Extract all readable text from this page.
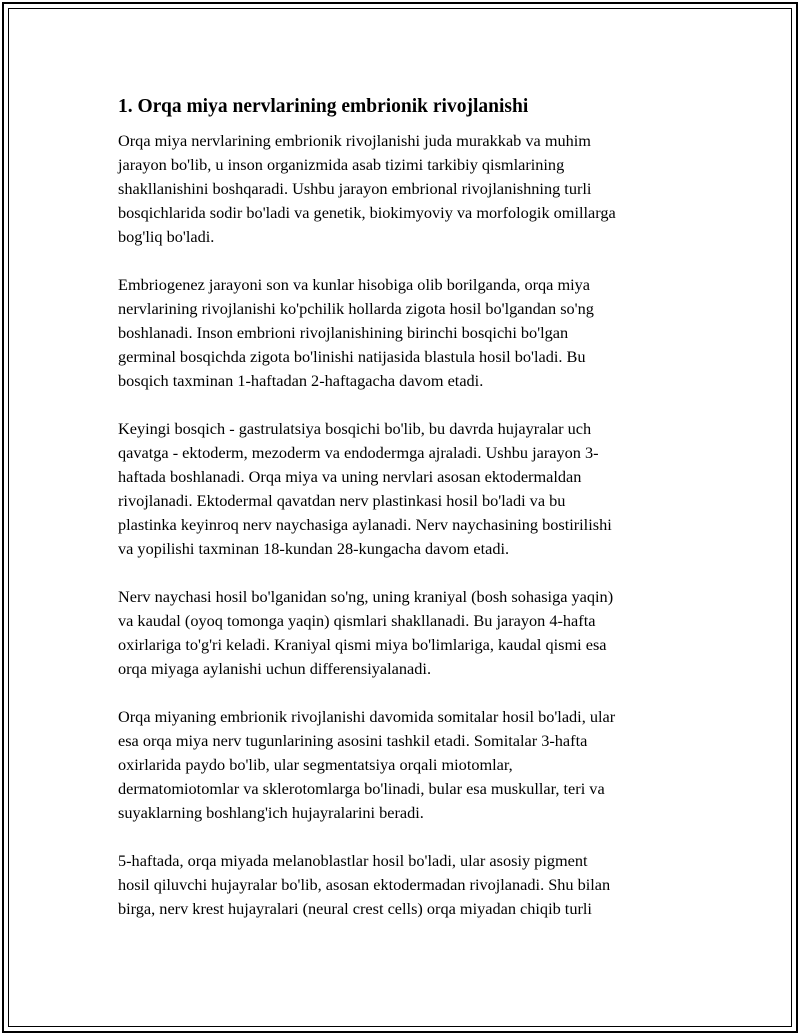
1. Orqa miya nervlarining embrionik rivojlanishi
Orqa miya nervlarining embrionik rivojlanishi juda murakkab va muhim
jarayon bo'lib, u inson organizmida asab tizimi tarkibiy qismlarining
shakllanishini boshqaradi. Ushbu jarayon embrional rivojlanishning turli
bosqichlarida sodir bo'ladi va genetik, biokimyoviy va morfologik omillarga
bog'liq bo'ladi.
Embriogenez jarayoni son va kunlar hisobiga olib borilganda, orqa miya
nervlarining rivojlanishi ko'pchilik hollarda zigota hosil bo'lgandan so'ng
boshlanadi. Inson embrioni rivojlanishining birinchi bosqichi bo'lgan
germinal bosqichda zigota bo'linishi natijasida blastula hosil bo'ladi. Bu
bosqich taxminan 1-haftadan 2-haftagacha davom etadi.
Keyingi bosqich - gastrulatsiya bosqichi bo'lib, bu davrda hujayralar uch
qavatga - ektoderm, mezoderm va endodermga ajraladi. Ushbu jarayon 3-
haftada boshlanadi. Orqa miya va uning nervlari asosan ektodermaldan
rivojlanadi. Ektodermal qavatdan nerv plastinkasi hosil bo'ladi va bu
plastinka keyinroq nerv naychasiga aylanadi. Nerv naychasining bostirilishi
va yopilishi taxminan 18-kundan 28-kungacha davom etadi.
Nerv naychasi hosil bo'lganidan so'ng, uning kraniyal (bosh sohasiga yaqin)
va kaudal (oyoq tomonga yaqin) qismlari shakllanadi. Bu jarayon 4-hafta
oxirlariga to'g'ri keladi. Kraniyal qismi miya bo'limlariga, kaudal qismi esa
orqa miyaga aylanishi uchun differensiyalanadi.
Orqa miyaning embrionik rivojlanishi davomida somitalar hosil bo'ladi, ular
esa orqa miya nerv tugunlarining asosini tashkil etadi. Somitalar 3-hafta
oxirlarida paydo bo'lib, ular segmentatsiya orqali miotomlar,
dermatomiotomlar va sklerotomlarga bo'linadi, bular esa muskullar, teri va
suyaklarning boshlang'ich hujayralarini beradi.
5-haftada, orqa miyada melanoblastlar hosil bo'ladi, ular asosiy pigment
hosil qiluvchi hujayralar bo'lib, asosan ektodermadan rivojlanadi. Shu bilan
birga, nerv krest hujayralari (neural crest cells) orqa miyadan chiqib turli
